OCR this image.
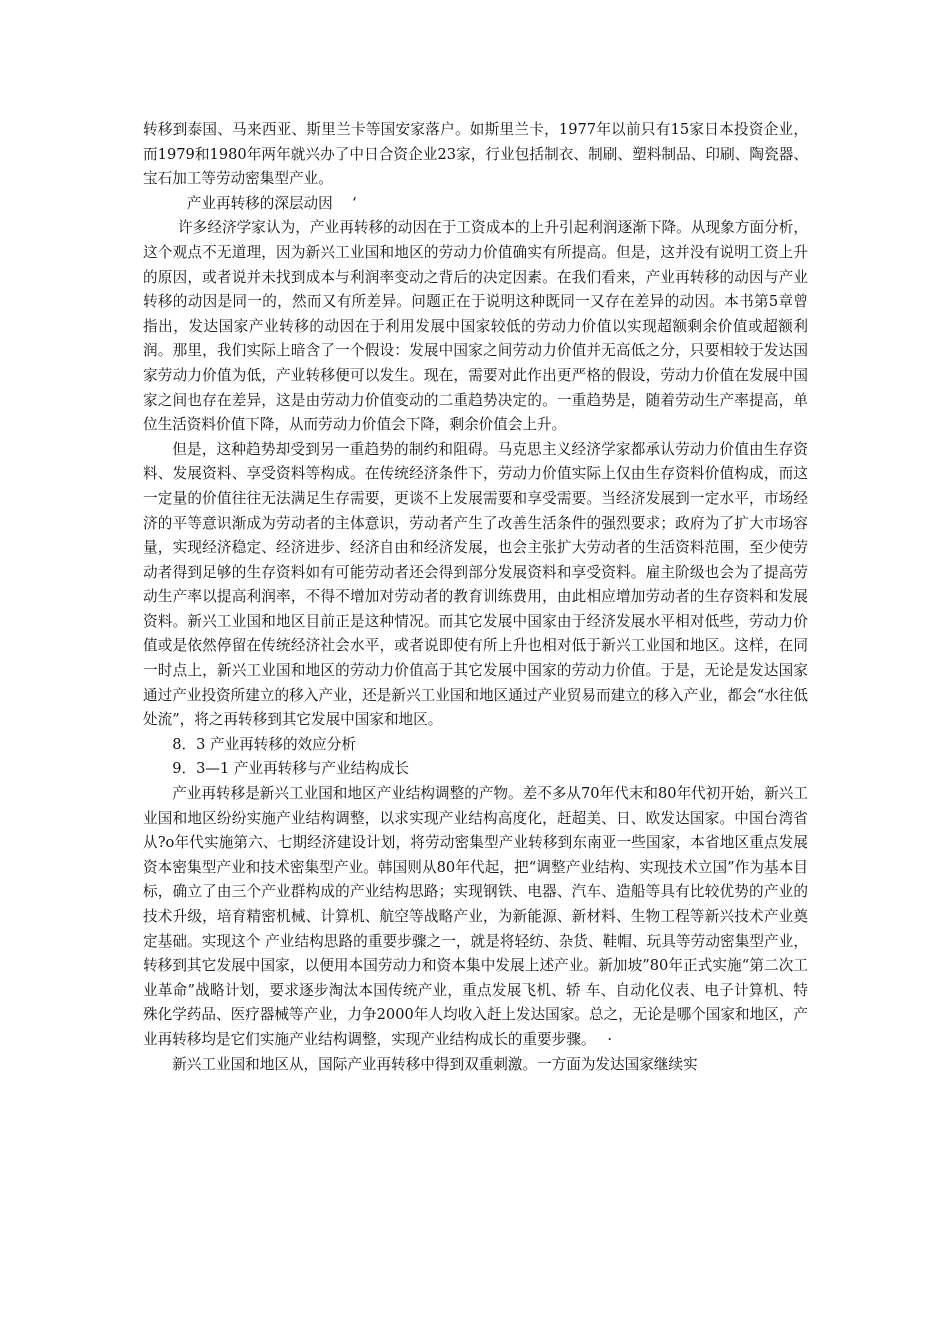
转移到泰国、马来西亚、斯里兰卡等国安家落户。如斯里兰卡，1977年以前只有15家日本投资企业，而1979和1980年两年就兴办了中日合资企业23家，行业包括制衣、制刷、塑料制品、印刷、陶瓷器、宝石加工等劳动密集型产业。

产业再转移的深层动因　 ‘

许多经济学家认为，产业再转移的动因在于工资成本的上升引起利润逐渐下降。从现象方面分析，这个观点不无道理，因为新兴工业国和地区的劳动力价值确实有所提高。但是，这并没有说明工资上升的原因，或者说并未找到成本与利润率变动之背后的决定因素。在我们看来，产业再转移的动因与产业转移的动因是同一的，然而又有所差异。问题正在于说明这种既同一又存在差异的动因。本书第5章曾指出，发达国家产业转移的动因在于利用发展中国家较低的劳动力价值以实现超额剩余价值或超额利润。那里，我们实际上暗含了一个假设：发展中国家之间劳动力价值并无高低之分，只要相较于发达国家劳动力价值为低，产业转移便可以发生。现在，需要对此作出更严格的假设，劳动力价值在发展中国家之间也存在差异，这是由劳动力价值变动的二重趋势决定的。一重趋势是，随着劳动生产率提高，单位生活资料价值下降，从而劳动力价值会下降，剩余价值会上升。

但是，这种趋势却受到另一重趋势的制约和阻碍。马克思主义经济学家都承认劳动力价值由生存资料、发展资料、享受资料等构成。在传统经济条件下，劳动力价值实际上仅由生存资料价值构成，而这一定量的价值往往无法满足生存需要，更谈不上发展需要和享受需要。当经济发展到一定水平，市场经济的平等意识渐成为劳动者的主体意识，劳动者产生了改善生活条件的强烈要求；政府为了扩大市场容量，实现经济稳定、经济进步、经济自由和经济发展，也会主张扩大劳动者的生活资料范围，至少使劳动者得到足够的生存资料如有可能劳动者还会得到部分发展资料和享受资料。雇主阶级也会为了提高劳动生产率以提高利润率，不得不增加对劳动者的教育训练费用，由此相应增加劳动者的生存资料和发展资料。新兴工业国和地区目前正是这种情况。而其它发展中国家由于经济发展水平相对低些，劳动力价值或是依然停留在传统经济社会水平，或者说即使有所上升也相对低于新兴工业国和地区。这样，在同一时点上，新兴工业国和地区的劳动力价值高于其它发展中国家的劳动力价值。于是，无论是发达国家通过产业投资所建立的移入产业，还是新兴工业国和地区通过产业贸易而建立的移入产业，都会“水往低处流”，将之再转移到其它发展中国家和地区。

8．3 产业再转移的效应分析

9．3—1 产业再转移与产业结构成长

产业再转移是新兴工业国和地区产业结构调整的产物。差不多从70年代末和80年代初开始，新兴工业国和地区纷纷实施产业结构调整，以求实现产业结构高度化，赶超美、日、欧发达国家。中国台湾省从?o年代实施第六、七期经济建设计划，将劳动密集型产业转移到东南亚一些国家，本省地区重点发展资本密集型产业和技术密集型产业。韩国则从80年代起，把“调整产业结构、实现技术立国”作为基本目标，确立了由三个产业群构成的产业结构思路；实现钢铁、电器、汽车、造船等具有比较优势的产业的技术升级，培育精密机械、计算机、航空等战略产业，为新能源、新材料、生物工程等新兴技术产业奠定基础。实现这个 产业结构思路的重要步骤之一，就是将轻纺、杂货、鞋帽、玩具等劳动密集型产业，转移到其它发展中国家，以便用本国劳动力和资本集中发展上述产业。新加坡”80年正式实施“第二次工业革命”战略计划，要求逐步淘汰本国传统产业，重点发展飞机、轿 车、自动化仪表、电子计算机、特殊化学药品、医疗器械等产业，力争2000年人均收入赶上发达国家。总之，无论是哪个国家和地区，产业再转移均是它们实施产业结构调整，实现产业结构成长的重要步骤。　 ·

新兴工业国和地区从，国际产业再转移中得到双重刺激。一方面为发达国家继续实
